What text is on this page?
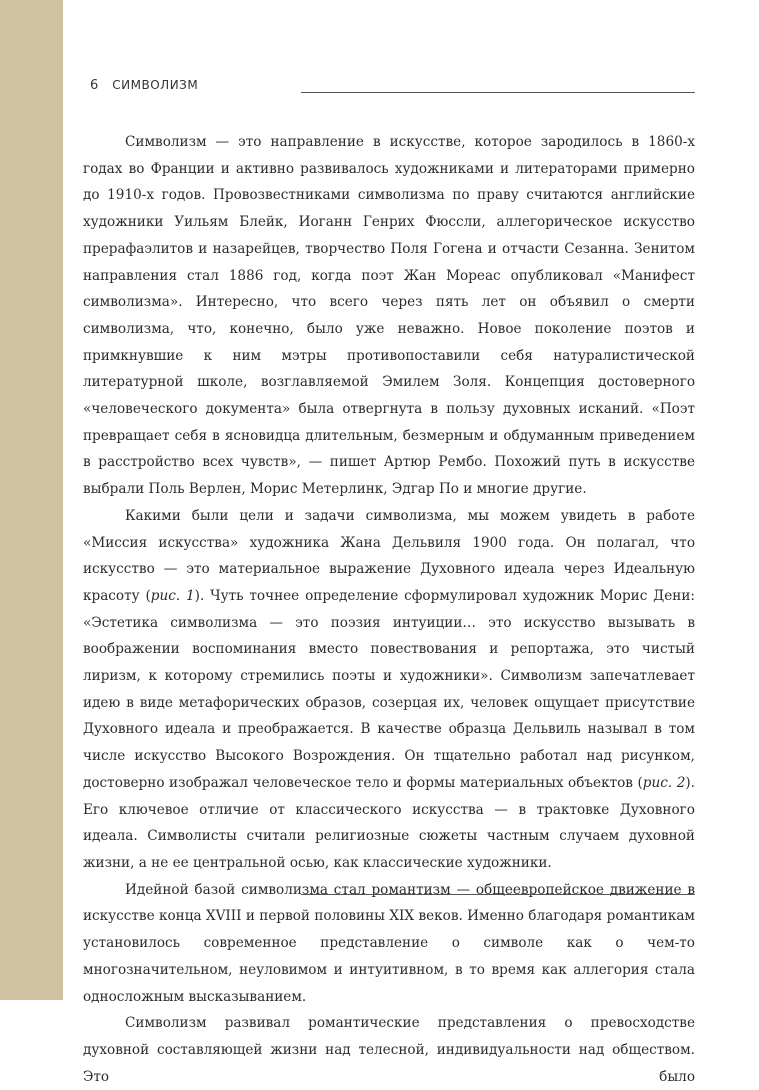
6 СИМВОЛИЗМ

Символизм — это направление в искусстве, которое зародилось в 1860-х годах во Франции и активно развивалось художниками и литераторами примерно до 1910-х годов. Провозвестниками символизма по праву считаются английские художники Уильям Блейк, Иоганн Генрих Фюссли, аллегорическое искусство прерафаэлитов и назарейцев, творчество Поля Гогена и отчасти Сезанна. Зенитом направления стал 1886 год, когда поэт Жан Мореас опубликовал «Манифест символизма». Интересно, что всего через пять лет он объявил о смерти символизма, что, конечно, было уже неважно. Новое поколение поэтов и примкнувшие к ним мэтры противопоставили себя натуралистической литературной школе, возглавляемой Эмилем Золя. Концепция достоверного «человеческого документа» была отвергнута в пользу духовных исканий. «Поэт превращает себя в ясновидца длительным, безмерным и обдуманным приведением в расстройство всех чувств», — пишет Артюр Рембо. Похожий путь в искусстве выбрали Поль Верлен, Морис Метерлинк, Эдгар По и многие другие.

Какими были цели и задачи символизма, мы можем увидеть в работе «Миссия искусства» художника Жана Дельвиля 1900 года. Он полагал, что искусство — это материальное выражение Духовного идеала через Идеальную красоту (рис. 1). Чуть точнее определение сформулировал художник Морис Дени: «Эстетика символизма — это поэзия интуиции… это искусство вызывать в воображении воспоминания вместо повествования и репортажа, это чистый лиризм, к которому стремились поэты и художники». Символизм запечатлевает идею в виде метафорических образов, созерцая их, человек ощущает присутствие Духовного идеала и преображается. В качестве образца Дельвиль называл в том числе искусство Высокого Возрождения. Он тщательно работал над рисунком, достоверно изображал человеческое тело и формы материальных объектов (рис. 2). Его ключевое отличие от классического искусства — в трактовке Духовного идеала. Символисты считали религиозные сюжеты частным случаем духовной жизни, а не ее центральной осью, как классические художники.

Идейной базой символизма стал романтизм — общеевропейское движение в искусстве конца XVIII и первой половины XIX веков. Именно благодаря романтикам установилось современное представление о символе как о чем-то многозначительном, неуловимом и интуитивном, в то время как аллегория стала однослoжным высказыванием.

Символизм развивал романтические представления о превосходстве духовной составляющей жизни над телесной, индивидуальности над обществом. Это было
